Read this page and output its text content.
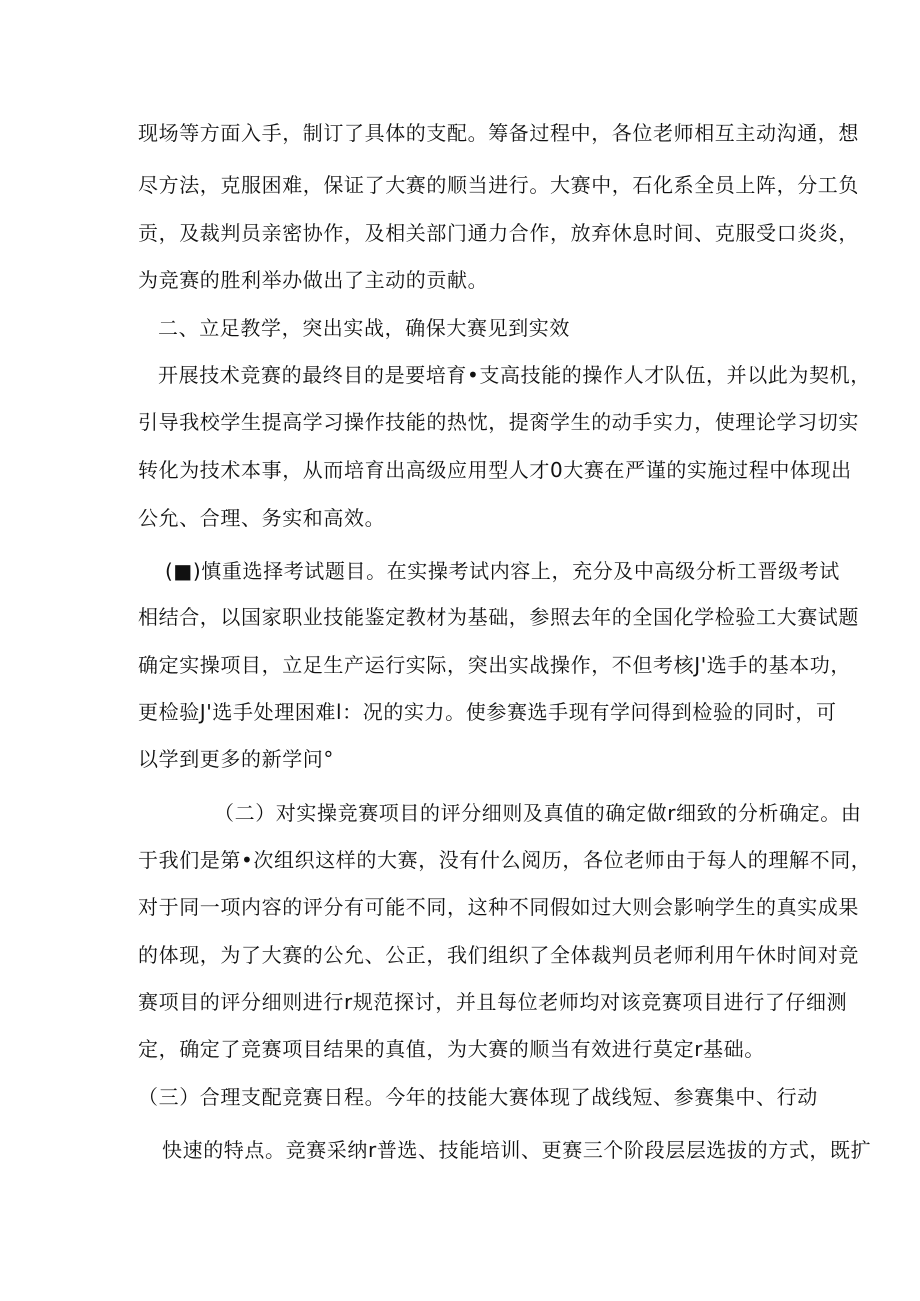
现场等方面入手，制订了具体的支配。筹备过程中，各位老师相互主动沟通，想
尽方法，克服困难，保证了大赛的顺当进行。大赛中，石化系全员上阵，分工负
贡，及裁判员亲密协作，及相关部门通力合作，放弃休息时间、克服受口炎炎，
为竞赛的胜利举办做出了主动的贡献。
二、立足教学，突出实战，确保大赛见到实效
开展技术竞赛的最终目的是要培育•支高技能的操作人才队伍，并以此为契机，
引导我校学生提高学习操作技能的热忱，提脔学生的动手实力，使理论学习切实
转化为技术本事，从而培育出高级应用型人才0大赛在严谨的实施过程中体现出
公允、合理、务实和高效。
(■)慎重选择考试题目。在实操考试内容上，充分及中高级分析工晋级考试
相结合，以国家职业技能鉴定教材为基础，参照去年的全国化学检验工大赛试题
确定实操项目，立足生产运行实际，突出实战操作，不但考核J'选手的基本功，
更检验J'选手处理困难l：况的实力。使参赛选手现有学问得到检验的同时，可
以学到更多的新学问°
（二）对实操竞赛项目的评分细则及真值的确定做r细致的分析确定。由
于我们是第•次组织这样的大赛，没有什么阅历，各位老师由于每人的理解不同，
对于同一项内容的评分有可能不同，这种不同假如过大则会影响学生的真实成果
的体现，为了大赛的公允、公正，我们组织了全体裁判员老师利用午休时间对竞
赛项目的评分细则进行r规范探讨，并且每位老师均对该竞赛项目进行了仔细测
定，确定了竞赛项目结果的真值，为大赛的顺当有效进行莫定r基础。
（三）合理支配竞赛日程。今年的技能大赛体现了战线短、参赛集中、行动
快速的特点。竞赛采纳r普选、技能培训、更赛三个阶段层层选拔的方式，既扩
